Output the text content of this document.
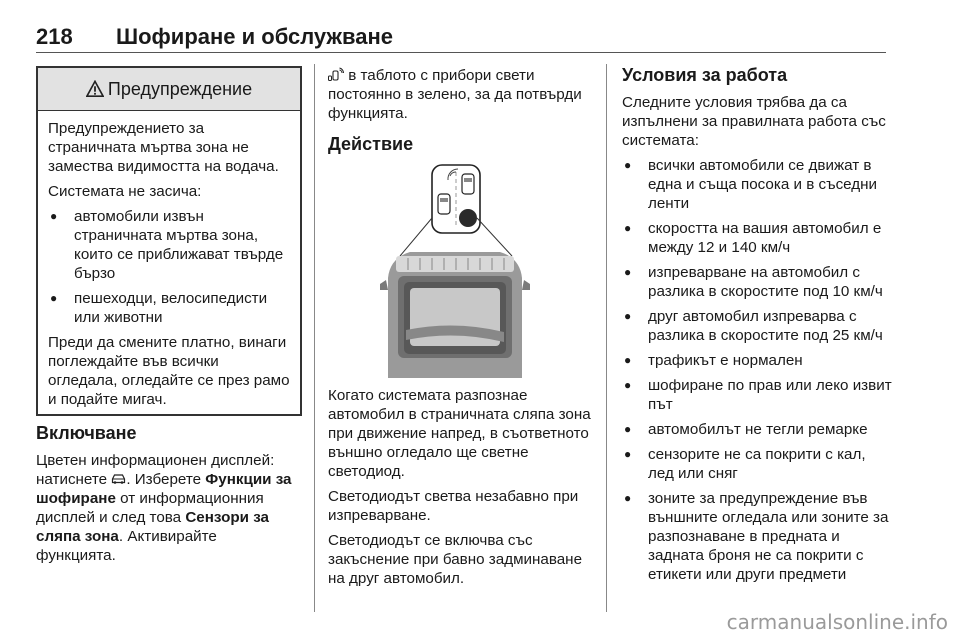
218 Шофиране и обслужване
Предупреждение

Предупреждението за страничната мъртва зона не замества видимостта на водача.

Системата не засича:

● автомобили извън страничната мъртва зона, които се приближават твърде бързо
● пешеходци, велосипедисти или животни

Преди да смените платно, винаги поглеждайте във всички огледала, огледайте се през рамо и подайте мигач.

Включване

Цветен информационен дисплей: натиснете . Изберете Функции за шофиране от информационния дисплей и след това Сензори за сляпа зона. Активирайте функцията.

в таблото с прибори свети постоянно в зелено, за да потвърди функцията.

Действие

Когато системата разпознае автомобил в страничната сляпа зона при движение напред, в съответното външно огледало ще светне светодиод.

Светодиодът светва незабавно при изпреварване.

Светодиодът се включва със закъснение при бавно задминаване на друг автомобил.

Условия за работа

Следните условия трябва да са изпълнени за правилната работа със системата:

● всички автомобили се движат в една и съща посока и в съседни ленти
● скоростта на вашия автомобил е между 12 и 140 км/ч
● изпреварване на автомобил с разлика в скоростите под 10 км/ч
● друг автомобил изпреварва с разлика в скоростите под 25 км/ч
● трафикът е нормален
● шофиране по прав или леко извит път
● автомобилът не тегли ремарке
● сензорите не са покрити с кал, лед или сняг
● зоните за предупреждение във външните огледала или зоните за разпознаване в предната и задната броня не са покрити с етикети или други предмети
carmanualsonline.info
